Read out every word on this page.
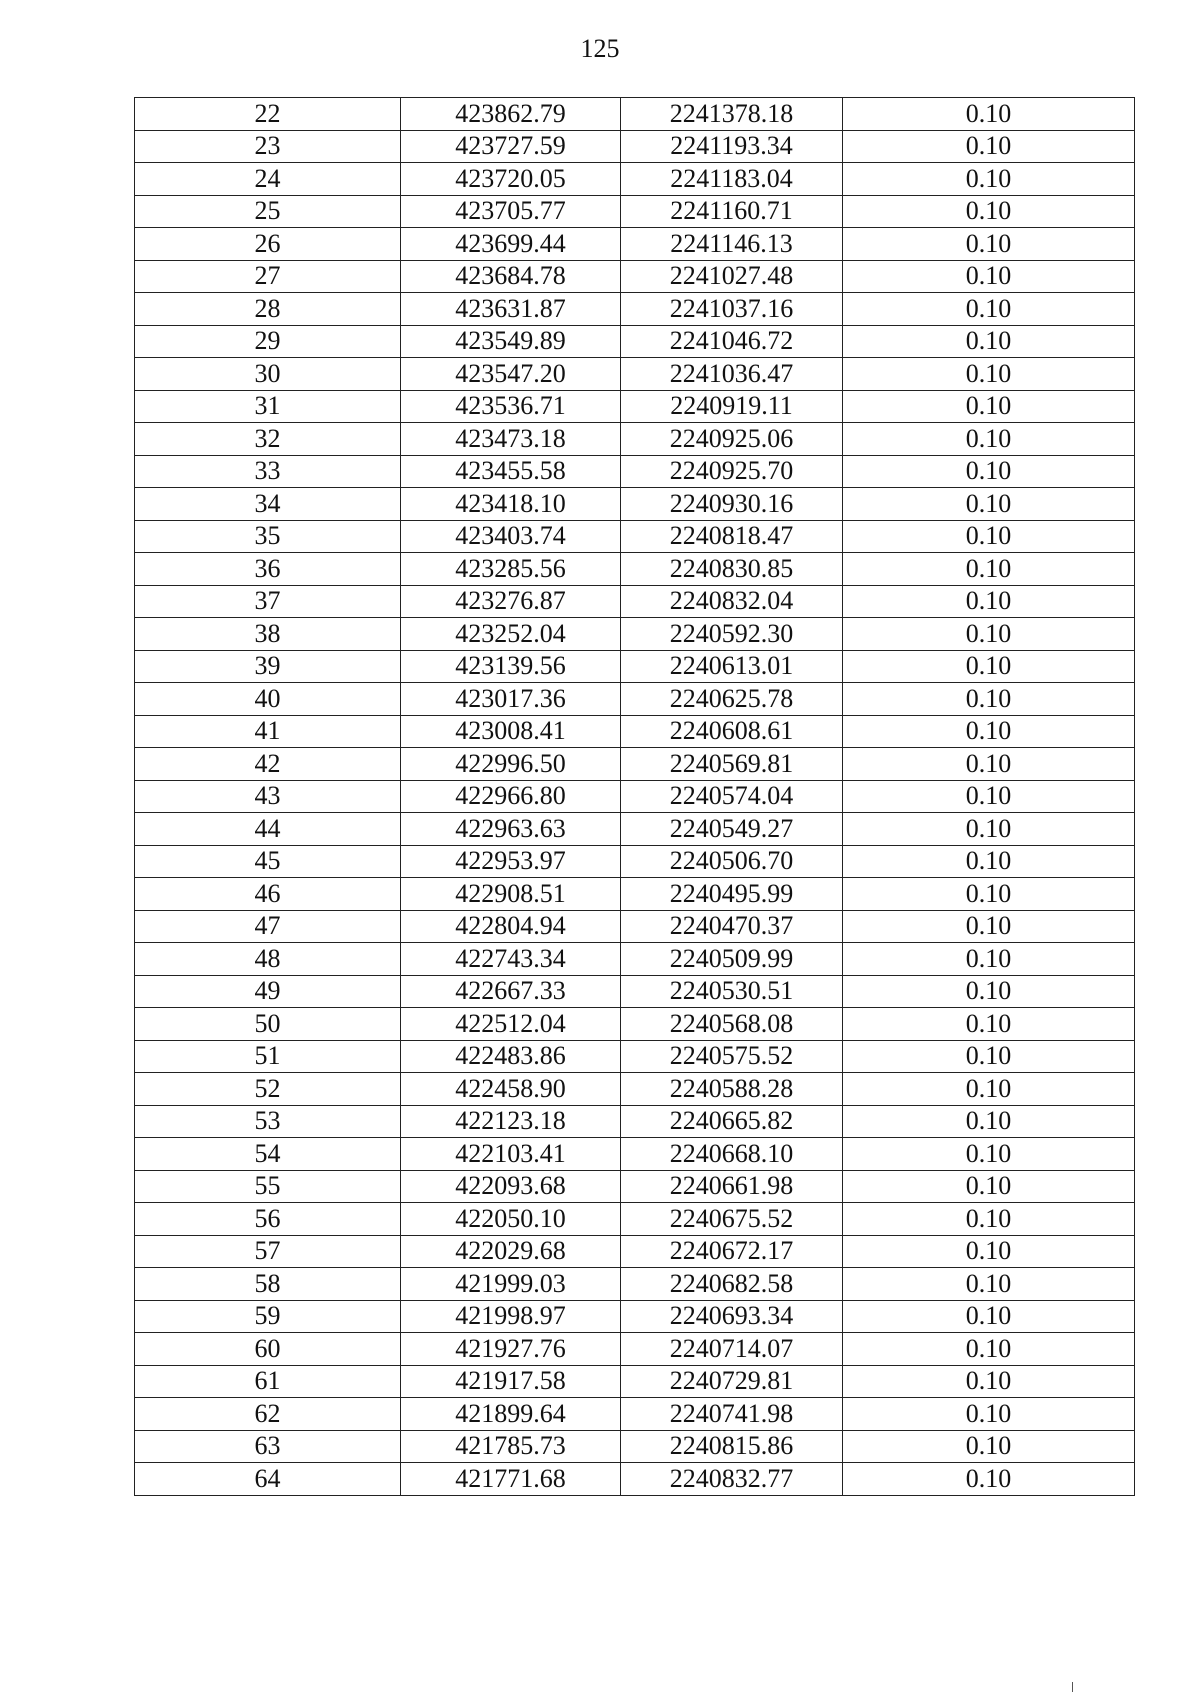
125
22	423862.79	2241378.18	0.10
23	423727.59	2241193.34	0.10
24	423720.05	2241183.04	0.10
25	423705.77	2241160.71	0.10
26	423699.44	2241146.13	0.10
27	423684.78	2241027.48	0.10
28	423631.87	2241037.16	0.10
29	423549.89	2241046.72	0.10
30	423547.20	2241036.47	0.10
31	423536.71	2240919.11	0.10
32	423473.18	2240925.06	0.10
33	423455.58	2240925.70	0.10
34	423418.10	2240930.16	0.10
35	423403.74	2240818.47	0.10
36	423285.56	2240830.85	0.10
37	423276.87	2240832.04	0.10
38	423252.04	2240592.30	0.10
39	423139.56	2240613.01	0.10
40	423017.36	2240625.78	0.10
41	423008.41	2240608.61	0.10
42	422996.50	2240569.81	0.10
43	422966.80	2240574.04	0.10
44	422963.63	2240549.27	0.10
45	422953.97	2240506.70	0.10
46	422908.51	2240495.99	0.10
47	422804.94	2240470.37	0.10
48	422743.34	2240509.99	0.10
49	422667.33	2240530.51	0.10
50	422512.04	2240568.08	0.10
51	422483.86	2240575.52	0.10
52	422458.90	2240588.28	0.10
53	422123.18	2240665.82	0.10
54	422103.41	2240668.10	0.10
55	422093.68	2240661.98	0.10
56	422050.10	2240675.52	0.10
57	422029.68	2240672.17	0.10
58	421999.03	2240682.58	0.10
59	421998.97	2240693.34	0.10
60	421927.76	2240714.07	0.10
61	421917.58	2240729.81	0.10
62	421899.64	2240741.98	0.10
63	421785.73	2240815.86	0.10
64	421771.68	2240832.77	0.10
